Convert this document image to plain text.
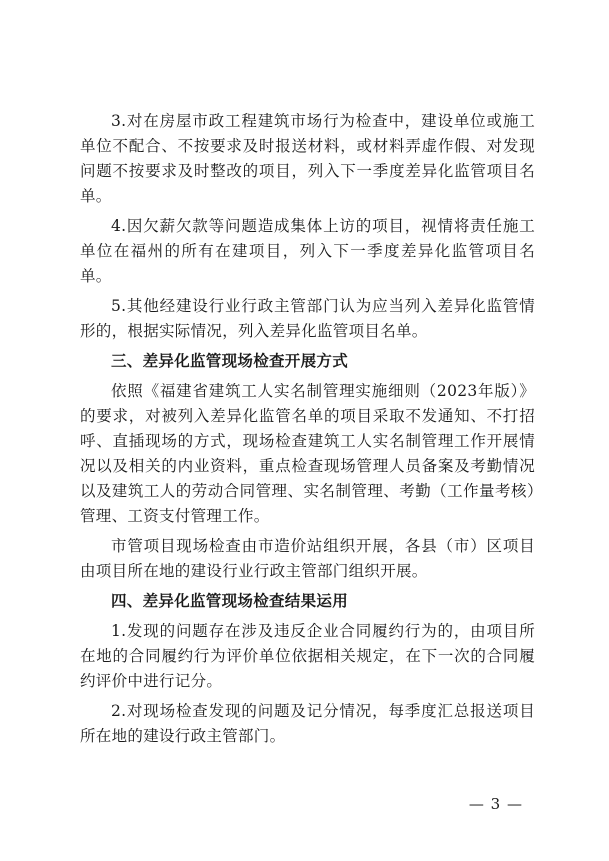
3.对在房屋市政工程建筑市场行为检查中，建设单位或施工单位不配合、不按要求及时报送材料，或材料弄虚作假、对发现问题不按要求及时整改的项目，列入下一季度差异化监管项目名单。

4.因欠薪欠款等问题造成集体上访的项目，视情将责任施工单位在福州的所有在建项目，列入下一季度差异化监管项目名单。

5.其他经建设行业行政主管部门认为应当列入差异化监管情形的，根据实际情况，列入差异化监管项目名单。

三、差异化监管现场检查开展方式

依照《福建省建筑工人实名制管理实施细则（2023年版）》的要求，对被列入差异化监管名单的项目采取不发通知、不打招呼、直插现场的方式，现场检查建筑工人实名制管理工作开展情况以及相关的内业资料，重点检查现场管理人员备案及考勤情况以及建筑工人的劳动合同管理、实名制管理、考勤（工作量考核）管理、工资支付管理工作。

市管项目现场检查由市造价站组织开展，各县（市）区项目由项目所在地的建设行业行政主管部门组织开展。

四、差异化监管现场检查结果运用

1.发现的问题存在涉及违反企业合同履约行为的，由项目所在地的合同履约行为评价单位依据相关规定，在下一次的合同履约评价中进行记分。

2.对现场检查发现的问题及记分情况，每季度汇总报送项目所在地的建设行政主管部门。

— 3 —
